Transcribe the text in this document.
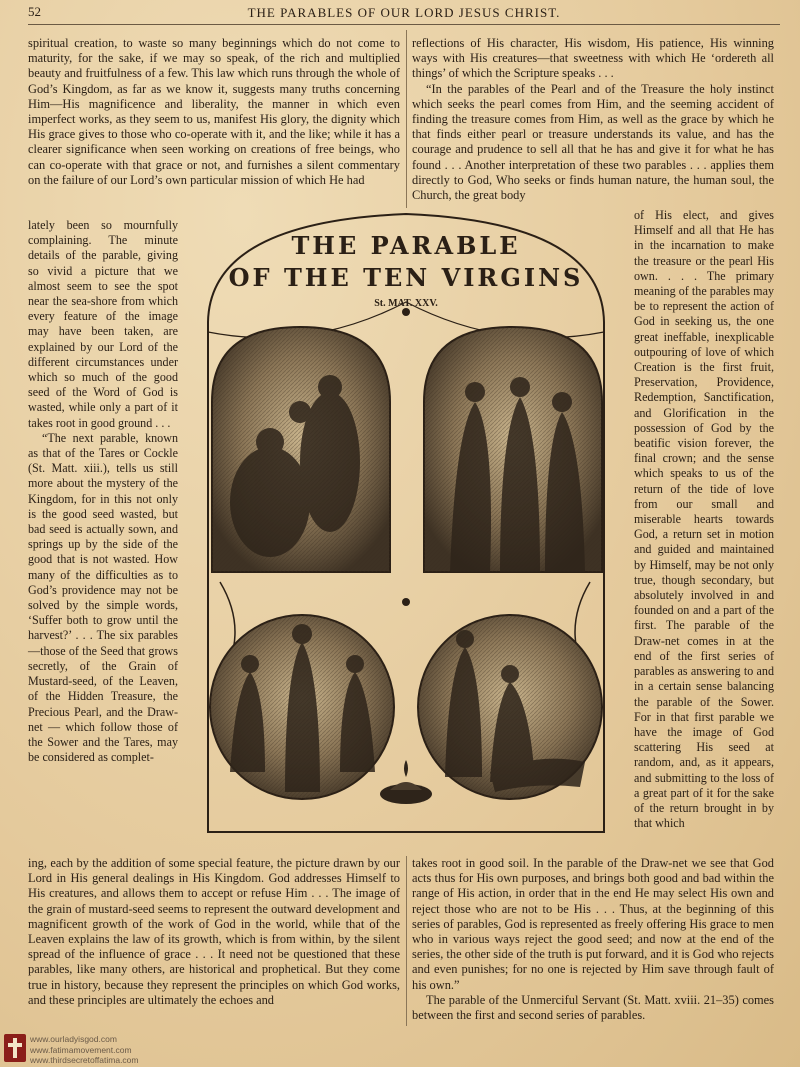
52	THE PARABLES OF OUR LORD JESUS CHRIST.

spiritual creation, to waste so many beginnings which do not come to maturity, for the sake, if we may so speak, of the rich and multiplied beauty and fruitfulness of a few. This law which runs through the whole of God’s Kingdom, as far as we know it, suggests many truths concerning Him—His magnificence and liberality, the manner in which even imperfect works, as they seem to us, manifest His glory, the dignity which His grace gives to those who co-operate with it, and the like; while it has a clearer significance when seen working on creations of free beings, who can co-operate with that grace or not, and furnishes a silent commentary on the failure of our Lord’s own particular mission of which He had

reflections of His character, His wisdom, His patience, His winning ways with His creatures—that sweetness with which He ‘ordereth all things’ of which the Scripture speaks . . .

“In the parables of the Pearl and of the Treasure the holy instinct which seeks the pearl comes from Him, and the seeming accident of finding the treasure comes from Him, as well as the grace by which he that finds either pearl or treasure understands its value, and has the courage and prudence to sell all that he has and give it for what he has found . . . Another interpretation of these two parables . . . applies them directly to God, Who seeks or finds human nature, the human soul, the Church, the great body

lately been so mournfully complaining. The minute details of the parable, giving so vivid a picture that we almost seem to see the spot near the sea-shore from which every feature of the image may have been taken, are explained by our Lord of the different circumstances under which so much of the good seed of the Word of God is wasted, while only a part of it takes root in good ground . . .

“The next parable, known as that of the Tares or Cockle (St. Matt. xiii.), tells us still more about the mystery of the Kingdom, for in this not only is the good seed wasted, but bad seed is actually sown, and springs up by the side of the good that is not wasted. How many of the difficulties as to God’s providence may not be solved by the simple words, ‘Suffer both to grow until the harvest?’ . . . The six parables—those of the Seed that grows secretly, of the Grain of Mustard-seed, of the Leaven, of the Hidden Treasure, the Precious Pearl, and the Draw-net — which follow those of the Sower and the Tares, may be considered as complet-

of His elect, and gives Himself and all that He has in the incarnation to make the treasure or the pearl His own. . . . The primary meaning of the parables may be to represent the action of God in seeking us, the one great ineffable, inexplicable outpouring of love of which Creation is the first fruit, Preservation, Providence, Redemption, Sanctification, and Glorification in the possession of God by the beatific vision forever, the final crown; and the sense which speaks to us of the return of the tide of love from our small and miserable hearts towards God, a return set in motion and guided and maintained by Himself, may be not only true, though secondary, but absolutely involved in and founded on and a part of the first. The parable of the Draw-net comes in at the end of the first series of parables as answering to and in a certain sense balancing the parable of the Sower. For in that first parable we have the image of God scattering His seed at random, and, as it appears, and submitting to the loss of a great part of it for the sake of the return brought in by that which

THE PARABLE
OF THE TEN VIRGINS
St. MAT. XXV.

ing, each by the addition of some special feature, the picture drawn by our Lord in His general dealings in His Kingdom. God addresses Himself to His creatures, and allows them to accept or refuse Him . . . The image of the grain of mustard-seed seems to represent the outward development and magnificent growth of the work of God in the world, while that of the Leaven explains the law of its growth, which is from within, by the silent spread of the influence of grace . . . It need not be questioned that these parables, like many others, are historical and prophetical. But they come true in history, because they represent the principles on which God works, and these principles are ultimately the echoes and

takes root in good soil. In the parable of the Draw-net we see that God acts thus for His own purposes, and brings both good and bad within the range of His action, in order that in the end He may select His own and reject those who are not to be His . . . Thus, at the beginning of this series of parables, God is represented as freely offering His grace to men who in various ways reject the good seed; and now at the end of the series, the other side of the truth is put forward, and it is God who rejects and even punishes; for no one is rejected by Him save through fault of his own.”

The parable of the Unmerciful Servant (St. Matt. xviii. 21–35) comes between the first and second series of parables.

www.ourladyisgod.com
www.fatimamovement.com
www.thirdsecretoffatima.com
